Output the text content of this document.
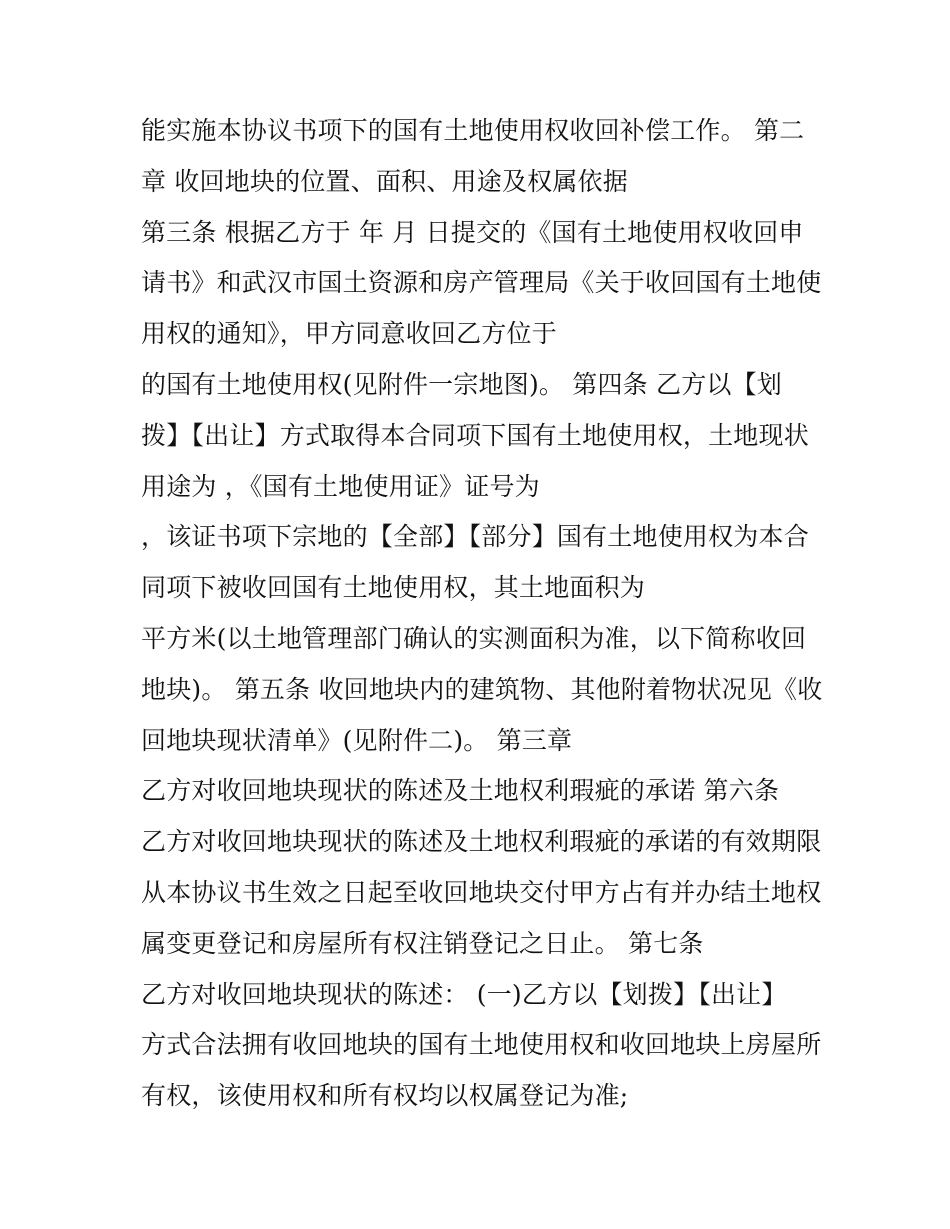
能实施本协议书项下的国有土地使用权收回补偿工作。 第二
章 收回地块的位置、面积、用途及权属依据
第三条 根据乙方于 年 月 日提交的《国有土地使用权收回申
请书》和武汉市国土资源和房产管理局《关于收回国有土地使
用权的通知》，甲方同意收回乙方位于
的国有土地使用权(见附件一宗地图)。 第四条 乙方以【划
拨】【出让】方式取得本合同项下国有土地使用权，土地现状
用途为 ，《国有土地使用证》证号为
，该证书项下宗地的【全部】【部分】国有土地使用权为本合
同项下被收回国有土地使用权，其土地面积为
平方米(以土地管理部门确认的实测面积为准，以下简称收回
地块)。 第五条 收回地块内的建筑物、其他附着物状况见《收
回地块现状清单》(见附件二)。 第三章
乙方对收回地块现状的陈述及土地权利瑕疵的承诺 第六条
乙方对收回地块现状的陈述及土地权利瑕疵的承诺的有效期限
从本协议书生效之日起至收回地块交付甲方占有并办结土地权
属变更登记和房屋所有权注销登记之日止。 第七条
乙方对收回地块现状的陈述： (一)乙方以【划拨】【出让】
方式合法拥有收回地块的国有土地使用权和收回地块上房屋所
有权，该使用权和所有权均以权属登记为准;
